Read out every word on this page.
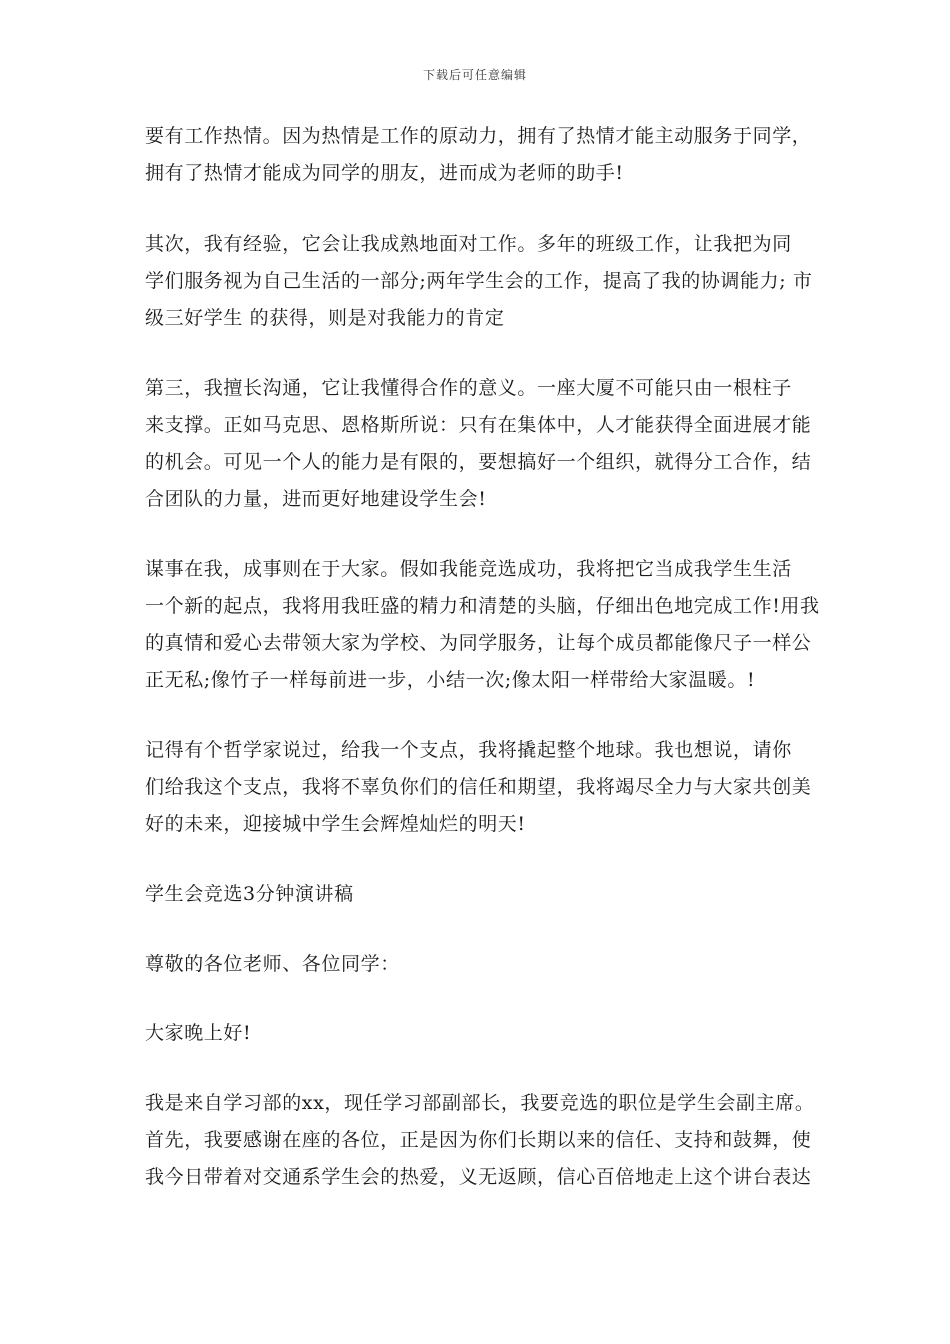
下载后可任意编辑
要有工作热情。因为热情是工作的原动力，拥有了热情才能主动服务于同学，
拥有了热情才能成为同学的朋友，进而成为老师的助手!
其次，我有经验，它会让我成熟地面对工作。多年的班级工作，让我把为同
学们服务视为自己生活的一部分;两年学生会的工作，提高了我的协调能力; 市
级三好学生 的获得，则是对我能力的肯定
第三，我擅长沟通，它让我懂得合作的意义。一座大厦不可能只由一根柱子
来支撑。正如马克思、恩格斯所说：只有在集体中，人才能获得全面进展才能
的机会。可见一个人的能力是有限的，要想搞好一个组织，就得分工合作，结
合团队的力量，进而更好地建设学生会!
谋事在我，成事则在于大家。假如我能竞选成功，我将把它当成我学生生活
一个新的起点，我将用我旺盛的精力和清楚的头脑，仔细出色地完成工作!用我
的真情和爱心去带领大家为学校、为同学服务，让每个成员都能像尺子一样公
正无私;像竹子一样每前进一步，小结一次;像太阳一样带给大家温暖。!
记得有个哲学家说过，给我一个支点，我将撬起整个地球。我也想说，请你
们给我这个支点，我将不辜负你们的信任和期望，我将竭尽全力与大家共创美
好的未来，迎接城中学生会辉煌灿烂的明天!
学生会竞选3分钟演讲稿
尊敬的各位老师、各位同学：
大家晚上好!
我是来自学习部的xx，现任学习部副部长，我要竞选的职位是学生会副主席。
首先，我要感谢在座的各位，正是因为你们长期以来的信任、支持和鼓舞，使
我今日带着对交通系学生会的热爱，义无返顾，信心百倍地走上这个讲台表达
